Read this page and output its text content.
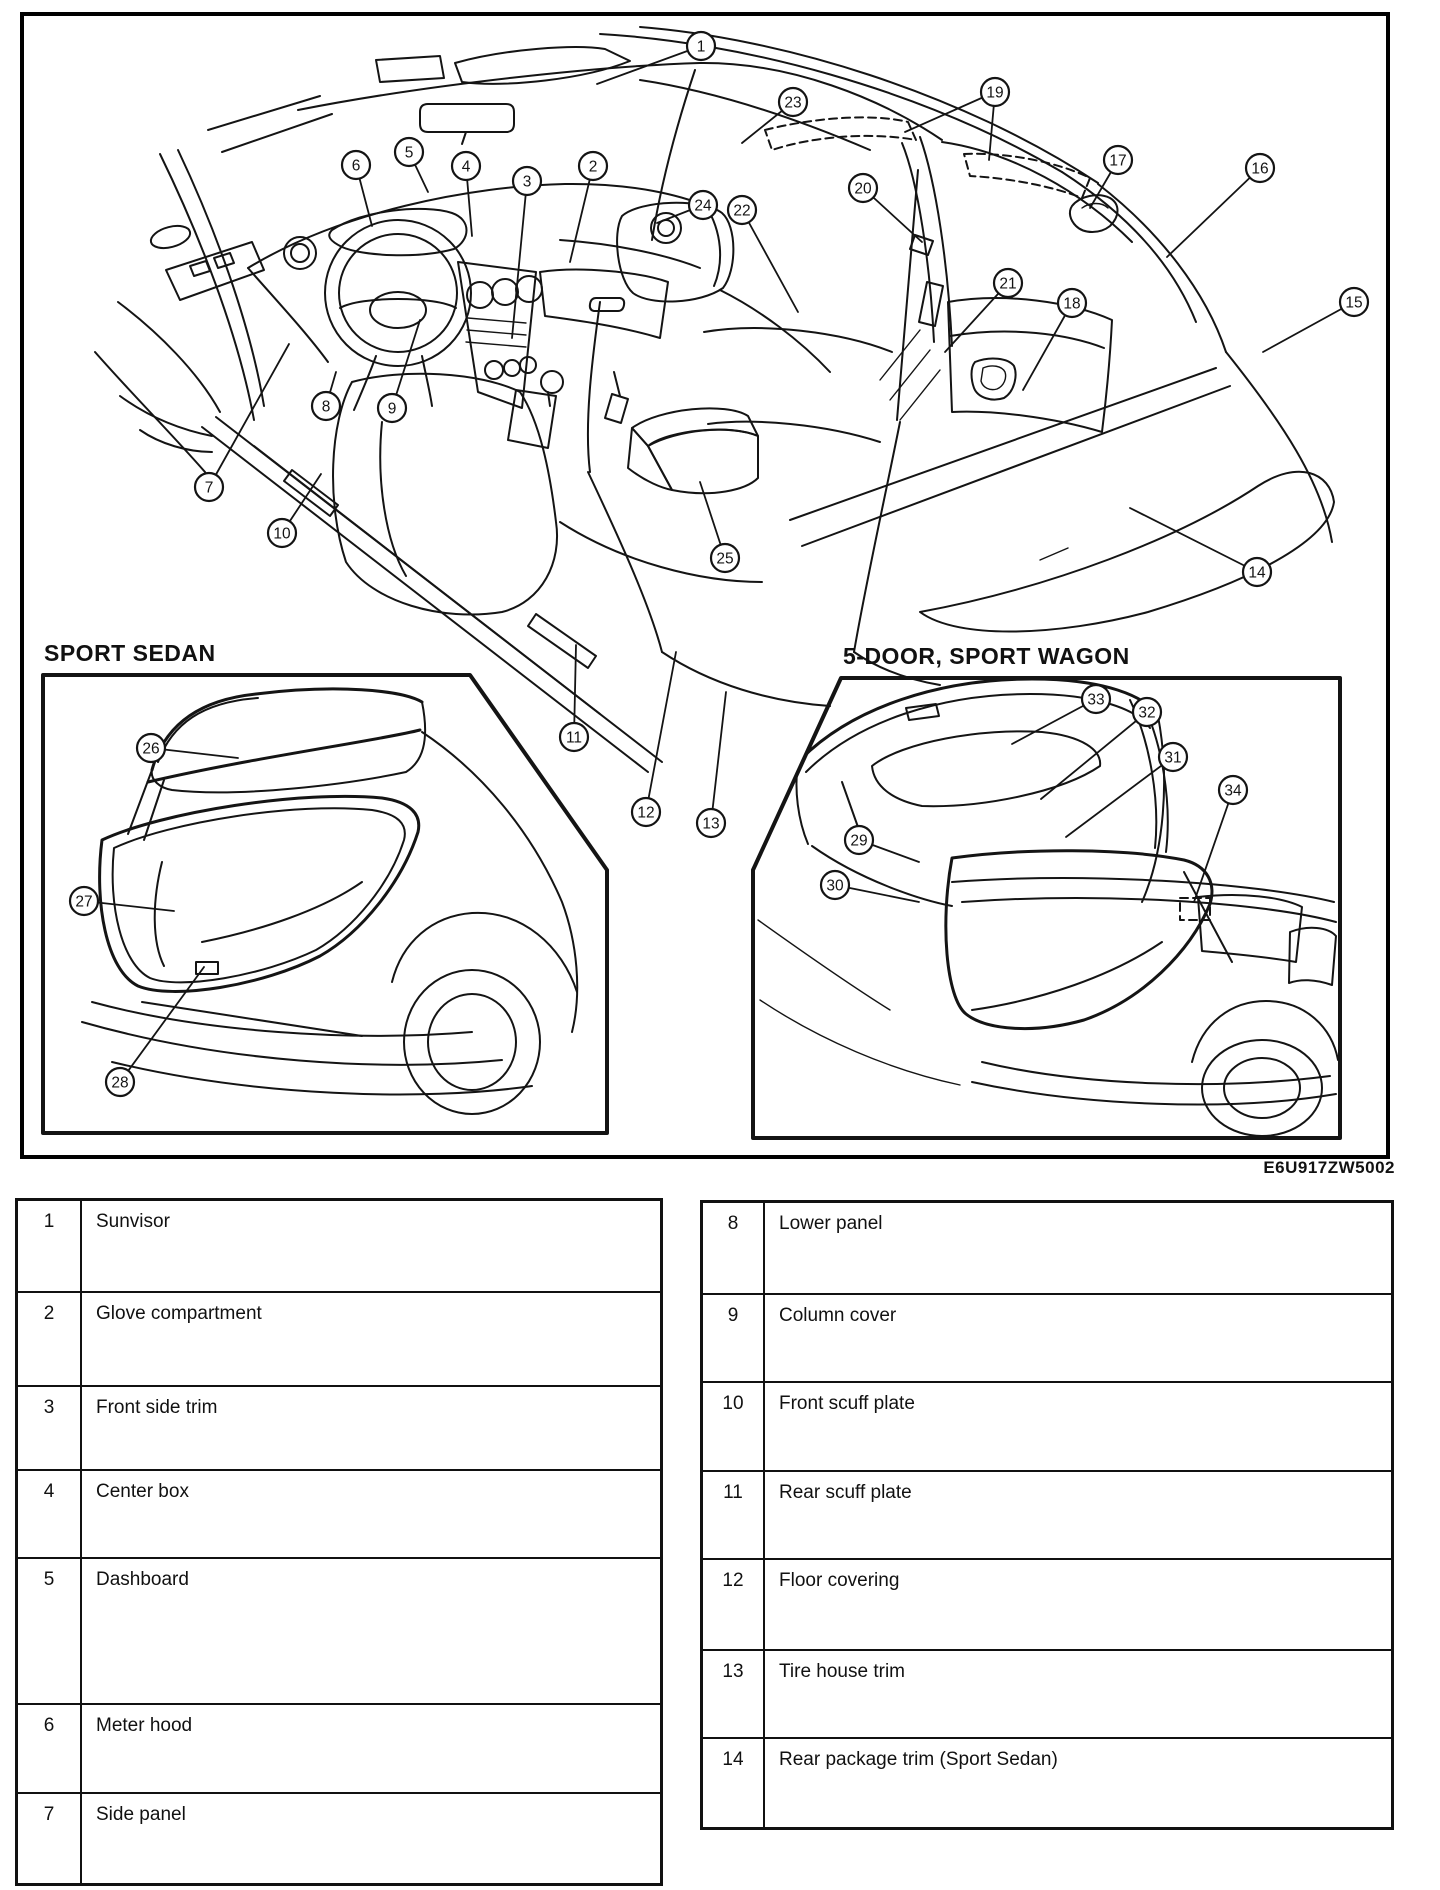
1
2
3
4
5
6
7
8	9
10
11
12
13
14
15
16
17
18
19
20
21
22
23
24
25
26
27
28
29
30
31
32
33
34
SPORT SEDAN	5-DOOR, SPORT WAGON
E6U917ZW5002
1	Sunvisor
2	Glove compartment
3	Front side trim
4	Center box
5	Dashboard
6	Meter hood
7	Side panel
8	Lower panel
9	Column cover
10	Front scuff plate
11	Rear scuff plate
12	Floor covering
13	Tire house trim
14	Rear package trim (Sport Sedan)
